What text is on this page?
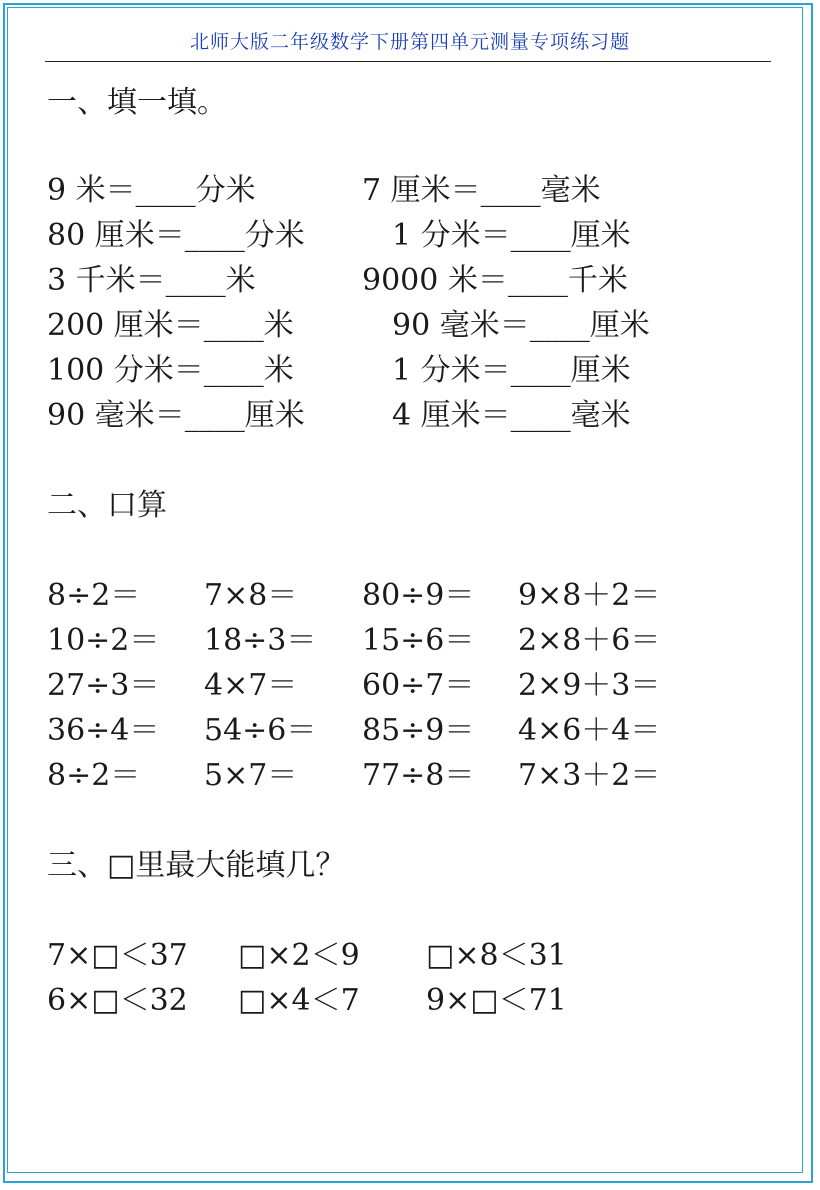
北师大版二年级数学下册第四单元测量专项练习题
一、填一填。
9 米＝____分米	7 厘米＝____毫米
80 厘米＝____分米	1 分米＝____厘米
3 千米＝____米	9000 米＝____千米
200 厘米＝____米	90 毫米＝____厘米
100 分米＝____米	1 分米＝____厘米
90 毫米＝____厘米	4 厘米＝____毫米
二、口算
8÷2＝ 7×8＝ 80÷9＝ 9×8＋2＝
10÷2＝ 18÷3＝ 15÷6＝ 2×8＋6＝
27÷3＝ 4×7＝ 60÷7＝ 2×9＋3＝
36÷4＝ 54÷6＝ 85÷9＝ 4×6＋4＝
8÷2＝ 5×7＝ 77÷8＝ 7×3＋2＝
三、□里最大能填几？
7×□＜37 □×2＜9 □×8＜31
6×□＜32 □×4＜7 9×□＜71
